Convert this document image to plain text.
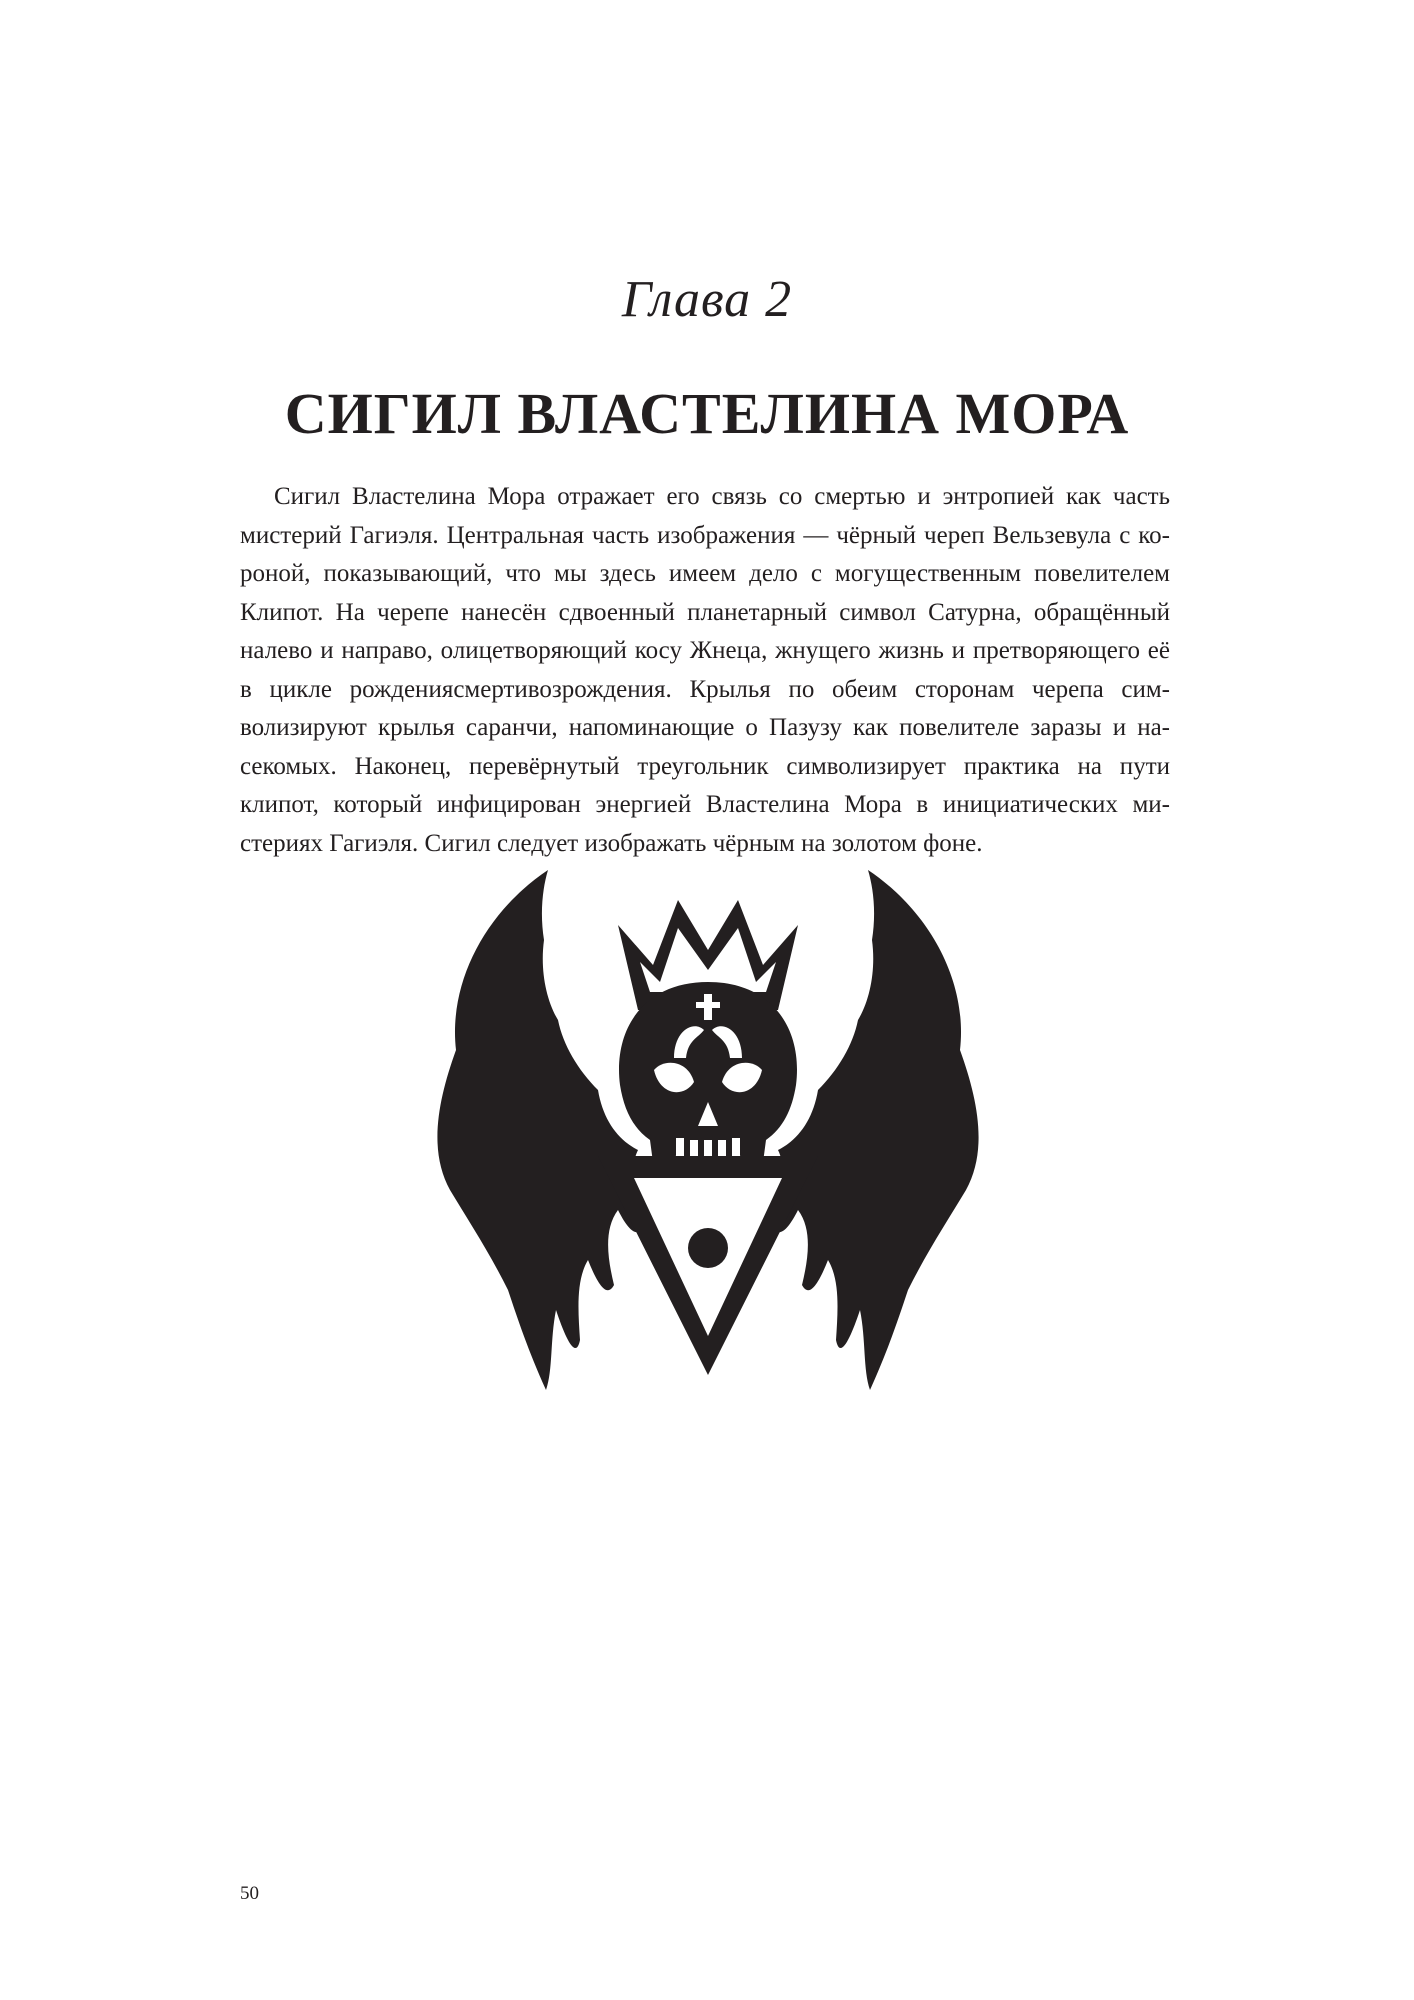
Глава 2
СИГИЛ ВЛАСТЕЛИНА МОРА

Сигил Властелина Мора отражает его связь со смертью и энтропией как часть мистерий Гагиэля. Центральная часть изображения — чёрный череп Вельзевула с короной, показывающий, что мы здесь имеем дело с могущественным повелителем Клипот. На черепе нанесён сдвоенный планетарный символ Сатурна, обращённый налево и направо, олицетворяющий косу Жнеца, жнущего жизнь и претворяющего её в цикле рождениясмертивозрождения. Крылья по обеим сторонам черепа символизируют крылья саранчи, напоминающие о Пазузу как повелителе заразы и насекомых. Наконец, перевёрнутый треугольник символизирует практика на пути клипот, который инфицирован энергией Властелина Мора в инициатических мистериях Гагиэля. Сигил следует изображать чёрным на золотом фоне.

50
